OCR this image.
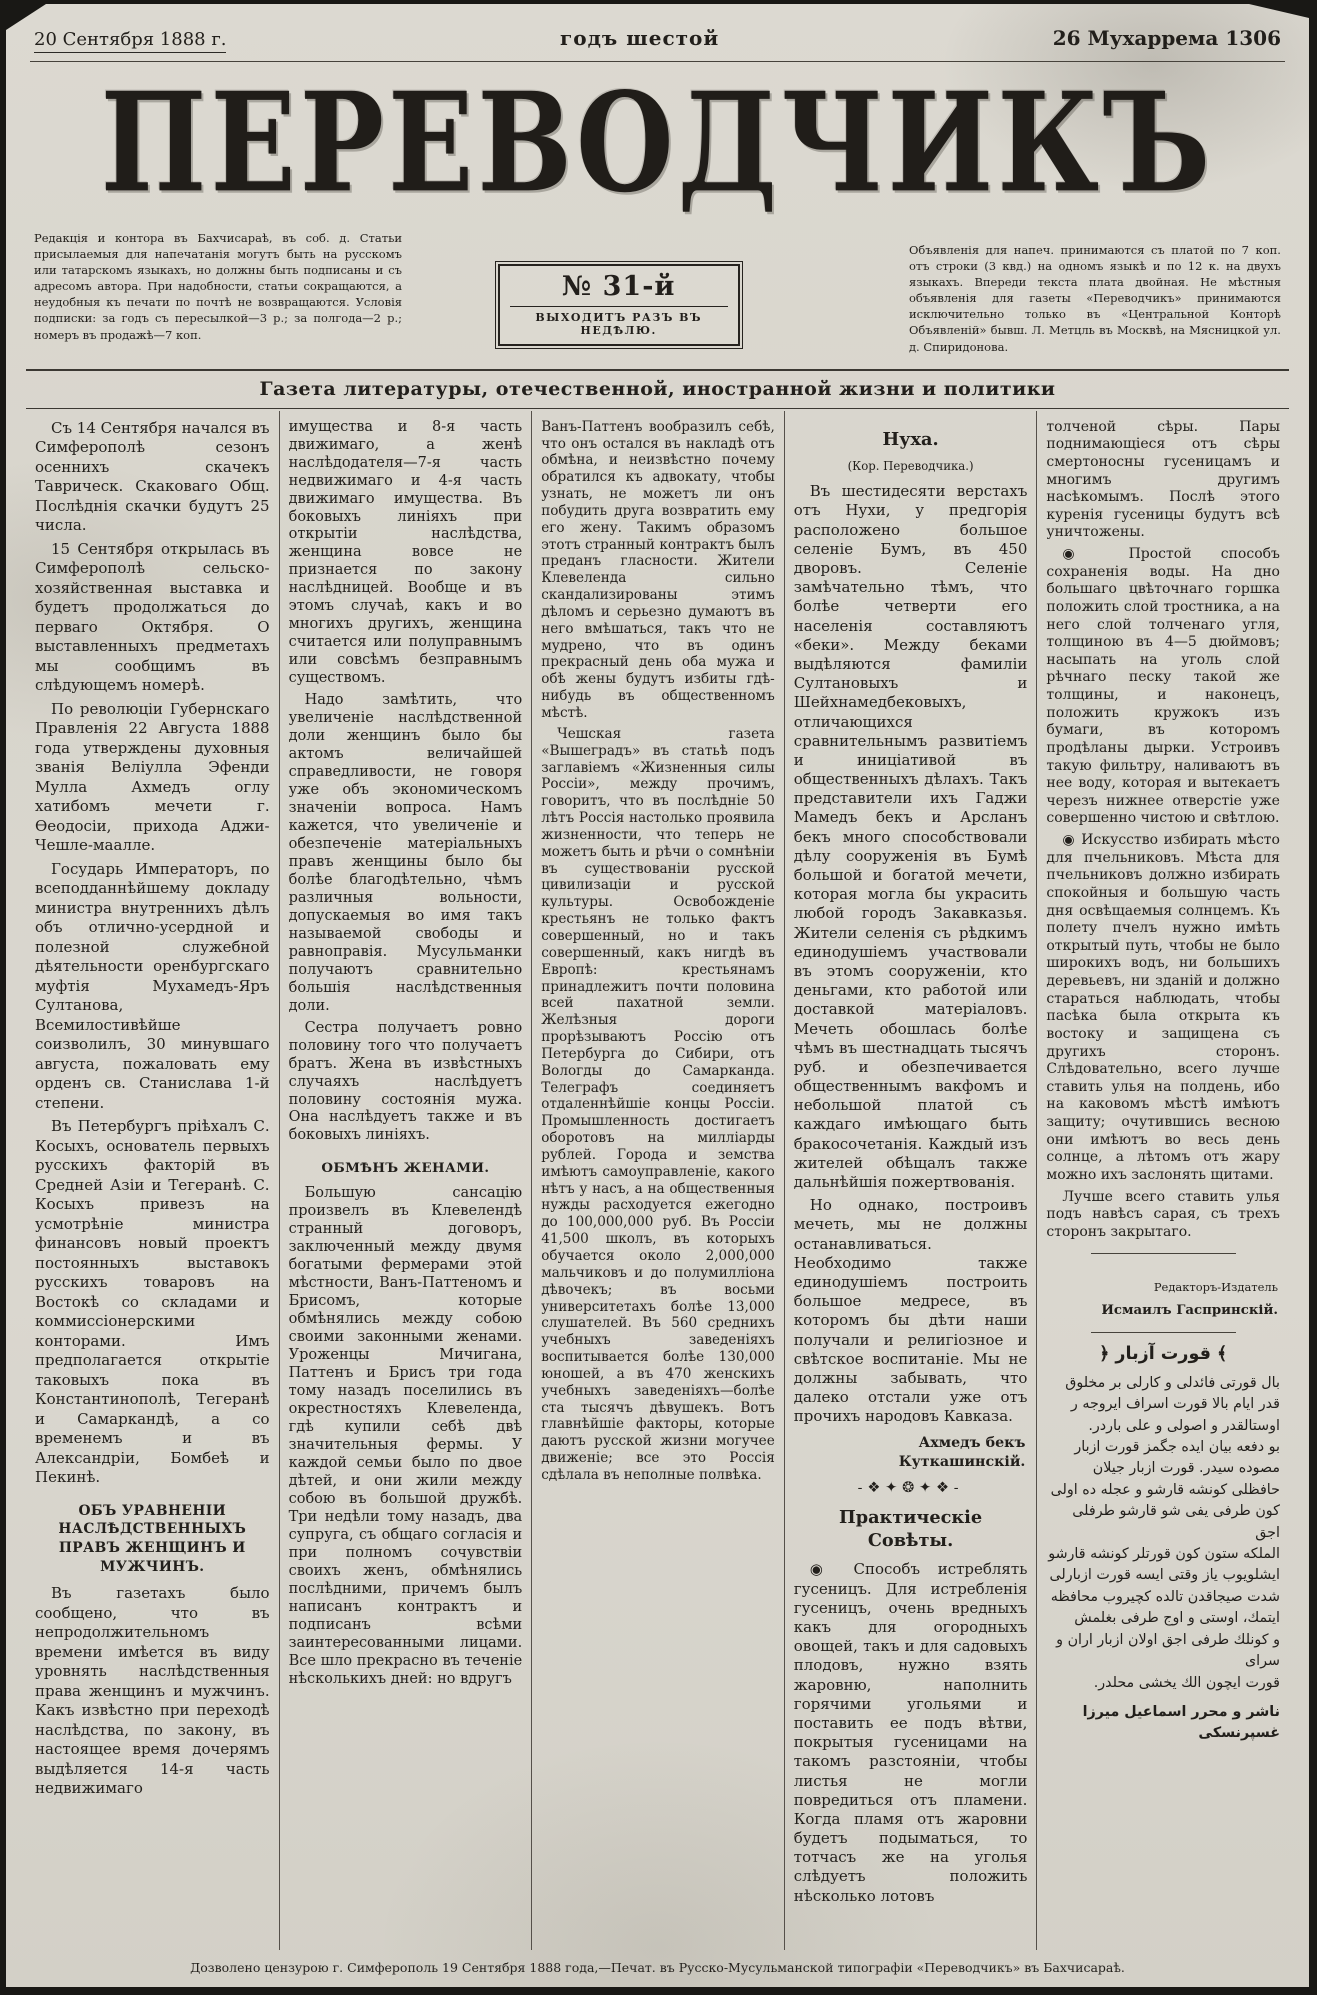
20 Сентября 1888 г.	годъ шестой	26 Мухаррема 1306
ПЕРЕВОДЧИКЪ
Редакція и контора въ Бахчисараѣ, въ соб. д. Статьи присылаемыя для напечатанія могутъ быть на русскомъ или татарскомъ языкахъ, но должны быть подписаны и съ адресомъ автора. При надобности, статьи сокращаются, а неудобныя къ печати по почтѣ не возвращаются. Условія подписки: за годъ съ пересылкой—3 р.; за полгода—2 р.; номеръ въ продажѣ—7 коп.
№ 31-й
ВЫХОДИТЪ РАЗЪ ВЪ НЕДѢЛЮ.
Объявленія для напеч. принимаются съ платой по 7 коп. отъ строки (3 квд.) на одномъ языкѣ и по 12 к. на двухъ языкахъ. Впереди текста плата двойная. Не мѣстныя объявленія для газеты «Переводчикъ» принимаются исключительно только въ «Центральной Конторѣ Объявленій» бывш. Л. Метцль въ Москвѣ, на Мясницкой ул. д. Спиридонова.
Газета литературы, отечественной, иностранной жизни и политики

Съ 14 Сентября начался въ Симферополѣ сезонъ осеннихъ скачекъ Таврическ. Скаковаго Общ. Послѣднія скачки будутъ 25 числа.

15 Сентября открылась въ Симферополѣ сельско-хозяйственная выставка и будетъ продолжаться до перваго Октября. О выставленныхъ предметахъ мы сообщимъ въ слѣдующемъ номерѣ.

По революціи Губернскаго Правленія 22 Августа 1888 года утверждены духовныя званія Веліулла Эфенди Мулла Ахмедъ оглу хатибомъ мечети г. Ѳеодосіи, прихода Аджи-Чешле-маалле.

Государь Императоръ, по всеподданнѣйшему докладу министра внутреннихъ дѣлъ объ отлично-усердной и полезной служебной дѣятельности оренбургскаго муфтія Мухамедъ-Яръ Султанова, Всемилостивѣйше соизволилъ, 30 минувшаго августа, пожаловать ему орденъ св. Станислава 1-й степени.

Въ Петербургъ пріѣхалъ С. Косыхъ, основатель первыхъ русскихъ факторій въ Средней Азіи и Тегеранѣ. С. Косыхъ привезъ на усмотрѣніе министра финансовъ новый проектъ постоянныхъ выставокъ русскихъ товаровъ на Востокѣ со складами и коммиссіонерскими конторами. Имъ предполагается открытіе таковыхъ пока въ Константинополѣ, Тегеранѣ и Самаркандѣ, а со временемъ и въ Александріи, Бомбеѣ и Пекинѣ.

ОБЪ УРАВНЕНІИ НАСЛѢДСТВЕННЫХЪ ПРАВЪ ЖЕНЩИНЪ И МУЖЧИНЪ.

Въ газетахъ было сообщено, что въ непродолжительномъ времени имѣется въ виду уровнять наслѣдственныя права женщинъ и мужчинъ. Какъ извѣстно при переходѣ наслѣдства, по закону, въ настоящее время дочерямъ выдѣляется 14-я часть недвижимаго

имущества и 8-я часть движимаго, а женѣ наслѣдодателя—7-я часть недвижимаго и 4-я часть движимаго имущества. Въ боковыхъ линіяхъ при открытіи наслѣдства, женщина вовсе не признается по закону наслѣдницей. Вообще и въ этомъ случаѣ, какъ и во многихъ другихъ, женщина считается или полуправнымъ или совсѣмъ безправнымъ существомъ.

Надо замѣтить, что увеличеніе наслѣдственной доли женщинъ было бы актомъ величайшей справедливости, не говоря уже объ экономическомъ значеніи вопроса. Намъ кажется, что увеличеніе и обезпеченіе матеріальныхъ правъ женщины было бы болѣе благодѣтельно, чѣмъ различныя вольности, допускаемыя во имя такъ называемой свободы и равноправія. Мусульманки получаютъ сравнительно большія наслѣдственныя доли.

Сестра получаетъ ровно половину того что получаетъ братъ. Жена въ извѣстныхъ случаяхъ наслѣдуетъ половину состоянія мужа. Она наслѣдуетъ также и въ боковыхъ линіяхъ.

ОБМѢНЪ ЖЕНАМИ.

Большую сансацію произвелъ въ Клевелендѣ странный договоръ, заключенный между двумя богатыми фермерами этой мѣстности, Ванъ-Паттеномъ и Брисомъ, которые обмѣнялись между собою своими законными женами. Уроженцы Мичигана, Паттенъ и Брисъ три года тому назадъ поселились въ окрестностяхъ Клевеленда, гдѣ купили себѣ двѣ значительныя фермы. У каждой семьи было по двое дѣтей, и они жили между собою въ большой дружбѣ. Три недѣли тому назадъ, два супруга, съ общаго согласія и при полномъ сочувствіи своихъ женъ, обмѣнялись послѣдними, причемъ былъ написанъ контрактъ и подписанъ всѣми заинтересованными лицами. Все шло прекрасно въ теченіе нѣсколькихъ дней: но вдругъ

Ванъ-Паттенъ вообразилъ себѣ, что онъ остался въ накладѣ отъ обмѣна, и неизвѣстно почему обратился къ адвокату, чтобы узнать, не можетъ ли онъ побудить друга возвратить ему его жену. Такимъ образомъ этотъ странный контрактъ былъ преданъ гласности. Жители Клевеленда сильно скандализированы этимъ дѣломъ и серьезно думаютъ въ него вмѣшаться, такъ что не мудрено, что въ одинъ прекрасный день оба мужа и обѣ жены будутъ избиты гдѣ-нибудь въ общественномъ мѣстѣ.

Чешская газета «Вышеградъ» въ статьѣ подъ заглавіемъ «Жизненныя силы Россіи», между прочимъ, говоритъ, что въ послѣдніе 50 лѣтъ Россія настолько проявила жизненности, что теперь не можетъ быть и рѣчи о сомнѣніи въ существованіи русской цивилизаціи и русской культуры. Освобожденіе крестьянъ не только фактъ совершенный, но и такъ совершенный, какъ нигдѣ въ Европѣ: крестьянамъ принадлежитъ почти половина всей пахатной земли. Желѣзныя дороги прорѣзываютъ Россію отъ Петербурга до Сибири, отъ Вологды до Самарканда. Телеграфъ соединяетъ отдаленнѣйшіе концы Россіи. Промышленность достигаетъ оборотовъ на милліарды рублей. Города и земства имѣютъ самоуправленіе, какого нѣтъ у насъ, а на общественныя нужды расходуется ежегодно до 100,000,000 руб. Въ Россіи 41,500 школъ, въ которыхъ обучается около 2,000,000 мальчиковъ и до полумилліона дѣвочекъ; въ восьми университетахъ болѣе 13,000 слушателей. Въ 560 среднихъ учебныхъ заведеніяхъ воспитывается болѣе 130,000 юношей, а въ 470 женскихъ учебныхъ заведеніяхъ—болѣе ста тысячъ дѣвушекъ. Вотъ главнѣйшіе факторы, которые даютъ русской жизни могучее движеніе; все это Россія сдѣлала въ неполные полвѣка.

Нуха.
(Кор. Переводчика.)

Въ шестидесяти верстахъ отъ Нухи, у предгорія расположено большое селеніе Бумъ, въ 450 дворовъ. Селеніе замѣчательно тѣмъ, что болѣе четверти его населенія составляютъ «беки». Между беками выдѣляются фамиліи Султановыхъ и Шейхнамедбековыхъ, отличающихся сравнительнымъ развитіемъ и иниціативой въ общественныхъ дѣлахъ. Такъ представители ихъ Гаджи Мамедъ бекъ и Арсланъ бекъ много способствовали дѣлу сооруженія въ Бумѣ большой и богатой мечети, которая могла бы украсить любой городъ Закавказья. Жители селенія съ рѣдкимъ единодушіемъ участвовали въ этомъ сооруженіи, кто деньгами, кто работой или доставкой матеріаловъ. Мечеть обошлась болѣе чѣмъ въ шестнадцать тысячъ руб. и обезпечивается общественнымъ вакфомъ и небольшой платой съ каждаго имѣющаго быть бракосочетанія. Каждый изъ жителей обѣщалъ также дальнѣйшія пожертвованія.

Но однако, построивъ мечеть, мы не должны останавливаться. Необходимо также единодушіемъ построить большое медресе, въ которомъ бы дѣти наши получали и религіозное и свѣтское воспитаніе. Мы не должны забывать, что далеко отстали уже отъ прочихъ народовъ Кавказа.

Ахмедъ бекъ Куткашинскій.
-❖✦❂✦❖-
Практическіе Совѣты.

◉ Способъ истреблять гусеницъ. Для истребленія гусеницъ, очень вредныхъ какъ для огородныхъ овощей, такъ и для садовыхъ плодовъ, нужно взять жаровню, наполнить горячими угольями и поставить ее подъ вѣтви, покрытыя гусеницами на такомъ разстояніи, чтобы листья не могли повредиться отъ пламени. Когда пламя отъ жаровни будетъ подыматься, то тотчасъ же на уголья слѣдуетъ положить нѣсколько лотовъ

толченой сѣры. Пары поднимающіеся отъ сѣры смертоносны гусеницамъ и многимъ другимъ насѣкомымъ. Послѣ этого куренія гусеницы будутъ всѣ уничтожены.

◉ Простой способъ сохраненія воды. На дно большаго цвѣточнаго горшка положить слой тростника, а на него слой толченаго угля, толщиною въ 4—5 дюймовъ; насыпать на уголь слой рѣчнаго песку такой же толщины, и наконецъ, положить кружокъ изъ бумаги, въ которомъ продѣланы дырки. Устроивъ такую фильтру, наливаютъ въ нее воду, которая и вытекаетъ черезъ нижнее отверстіе уже совершенно чистою и свѣтлою.

◉ Искусство избирать мѣсто для пчельниковъ. Мѣста для пчельниковъ должно избирать спокойныя и большую часть дня освѣщаемыя солнцемъ. Къ полету пчелъ нужно имѣть открытый путь, чтобы не было широкихъ водъ, ни большихъ деревьевъ, ни зданій и должно стараться наблюдать, чтобы пасѣка была открыта къ востоку и защищена съ другихъ сторонъ. Слѣдовательно, всего лучше ставить улья на полдень, ибо на каковомъ мѣстѣ имѣютъ защиту; очутившись весною они имѣютъ во весь день солнце, а лѣтомъ отъ жару можно ихъ заслонять щитами.

Лучше всего ставить улья подъ навѣсъ сарая, съ трехъ сторонъ закрытаго.

Редакторъ-Издатель
Исмаилъ Гаспринскій.
﴾ قورت آزبار ﴿
بال قورتى فائدلى و كارلى بر مخلوق
قدر ايام بالا قورت اسراف ايروجه ر
اوستالقدر و اصولى و على باردر.
بو دفعه بيان ايده جگمز قورت ازبار
مصوده سيدر. قورت ازبار جيلان
حافظلى كونشه قارشو و عجله ده اولى
كون طرفى يفى شو قارشو طرفلى اجق
الملكه ستون كون قورتلر كونشه قارشو
ايشلويوب ياز وقتى ايسه قورت ازبارلى
شدت صيجاقدن تالده كچيروب محافظه
ايتمك، اوستى و اوج طرفى بغلمش
و كونلك طرفى اجق اولان ازبار اران و سراى
قورت ايچون الك يخشى محلدر.
ناشر و محرر اسماعيل ميرزا غسپرنسكى
Дозволено цензурою г. Симферополь 19 Сентября 1888 года,—Печат. въ Русско-Мусульманской типографіи «Переводчикъ» въ Бахчисараѣ.
